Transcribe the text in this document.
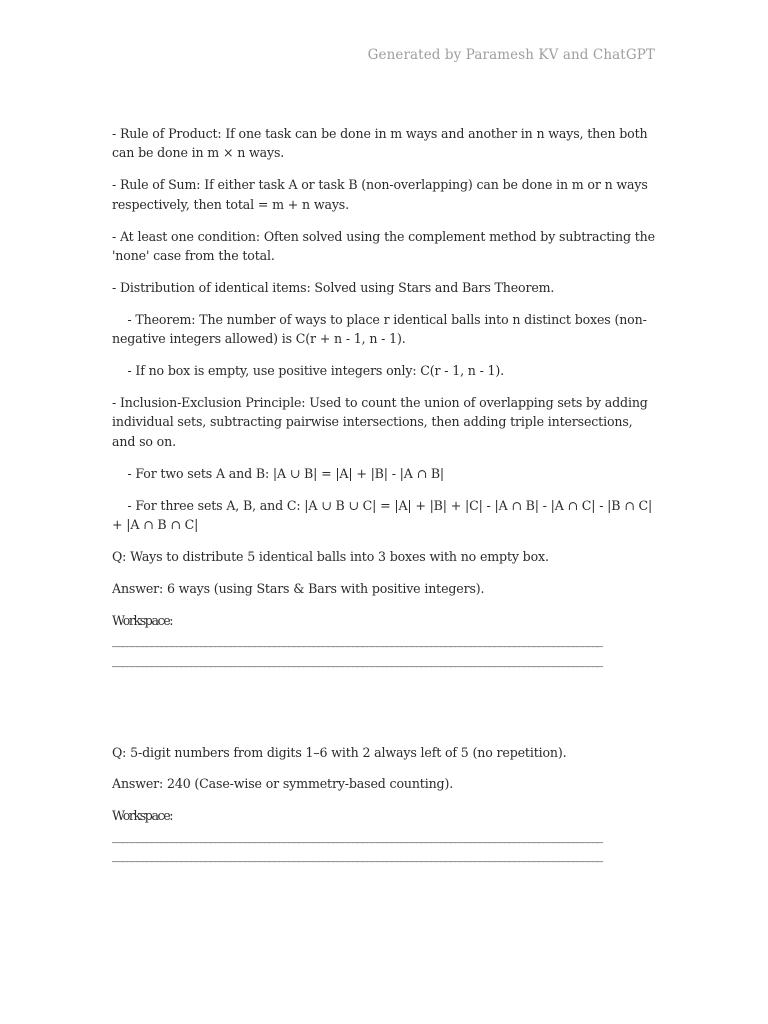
Generated by Paramesh KV and ChatGPT

- Rule of Product: If one task can be done in m ways and another in n ways, then both can be done in m × n ways.

- Rule of Sum: If either task A or task B (non-overlapping) can be done in m or n ways respectively, then total = m + n ways.

- At least one condition: Often solved using the complement method by subtracting the 'none' case from the total.

- Distribution of identical items: Solved using Stars and Bars Theorem.

- Theorem: The number of ways to place r identical balls into n distinct boxes (non-negative integers allowed) is C(r + n - 1, n - 1).

- If no box is empty, use positive integers only: C(r - 1, n - 1).

- Inclusion-Exclusion Principle: Used to count the union of overlapping sets by adding individual sets, subtracting pairwise intersections, then adding triple intersections, and so on.

- For two sets A and B: |A ∪ B| = |A| + |B| - |A ∩ B|

- For three sets A, B, and C: |A ∪ B ∪ C| = |A| + |B| + |C| - |A ∩ B| - |A ∩ C| - |B ∩ C| + |A ∩ B ∩ C|

Q: Ways to distribute 5 identical balls into 3 boxes with no empty box.

Answer: 6 ways (using Stars & Bars with positive integers).

Workspace:

____________________________________________________________________________________________________

____________________________________________________________________________________________________

Q: 5-digit numbers from digits 1–6 with 2 always left of 5 (no repetition).

Answer: 240 (Case-wise or symmetry-based counting).

Workspace:

____________________________________________________________________________________________________

____________________________________________________________________________________________________
